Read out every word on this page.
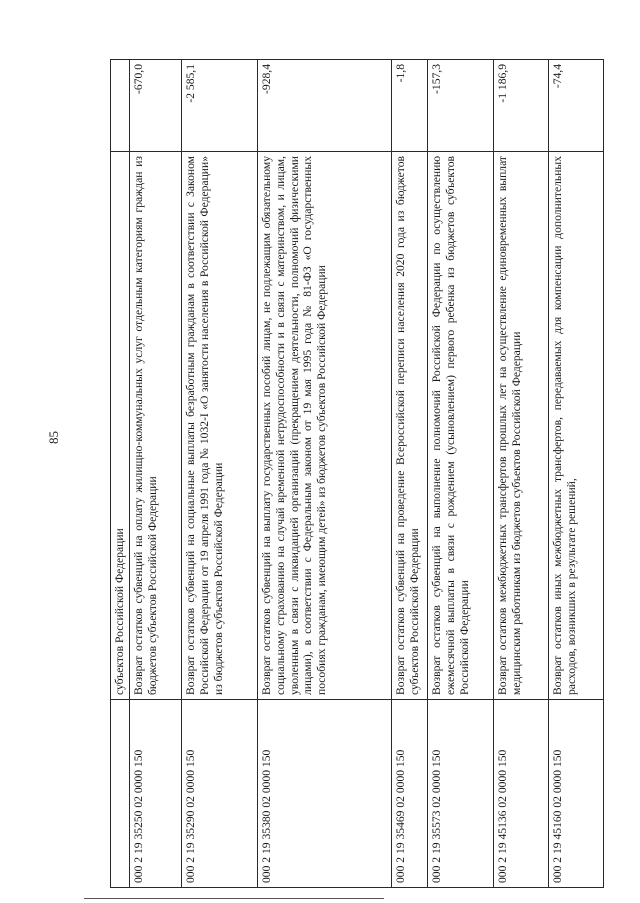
85
	субъектов Российской Федерации	
000 2 19 35250 02 0000 150	Возврат остатков субвенций на оплату жилищно-коммунальных услуг отдельным категориям граждан из бюджетов субъектов Российской Федерации	-670,0
000 2 19 35290 02 0000 150	Возврат остатков субвенций на социальные выплаты безработным гражданам в соответствии с Законом Российской Федерации от 19 апреля 1991 года № 1032-I «О занятости населения в Российской Федерации» из бюджетов субъектов Российской Федерации	-2 585,1
000 2 19 35380 02 0000 150	Возврат остатков субвенций на выплату государственных пособий лицам, не подлежащим обязательному социальному страхованию на случай временной нетрудоспособности и в связи с материнством, и лицам, уволенным в связи с ликвидацией организаций (прекращением деятельности, полномочий физическими лицами), в соответствии с Федеральным законом от 19 мая 1995 года № 81-ФЗ «О государственных пособиях гражданам, имеющим детей» из бюджетов субъектов Российской Федерации	-928,4
000 2 19 35469 02 0000 150	Возврат остатков субвенций на проведение Всероссийской переписи населения 2020 года из бюджетов субъектов Российской Федерации	-1,8
000 2 19 35573 02 0000 150	Возврат остатков субвенций на выполнение полномочий Российской Федерации по осуществлению ежемесячной выплаты в связи с рождением (усыновлением) первого ребенка из бюджетов субъектов Российской Федерации	-157,3
000 2 19 45136 02 0000 150	Возврат остатков межбюджетных трансфертов прошлых лет на осуществление единовременных выплат медицинским работникам из бюджетов субъектов Российской Федерации	-1 186,9
000 2 19 45160 02 0000 150	Возврат остатков иных межбюджетных трансфертов, передаваемых для компенсации дополнительных расходов, возникших в результате решений,	-74,4
